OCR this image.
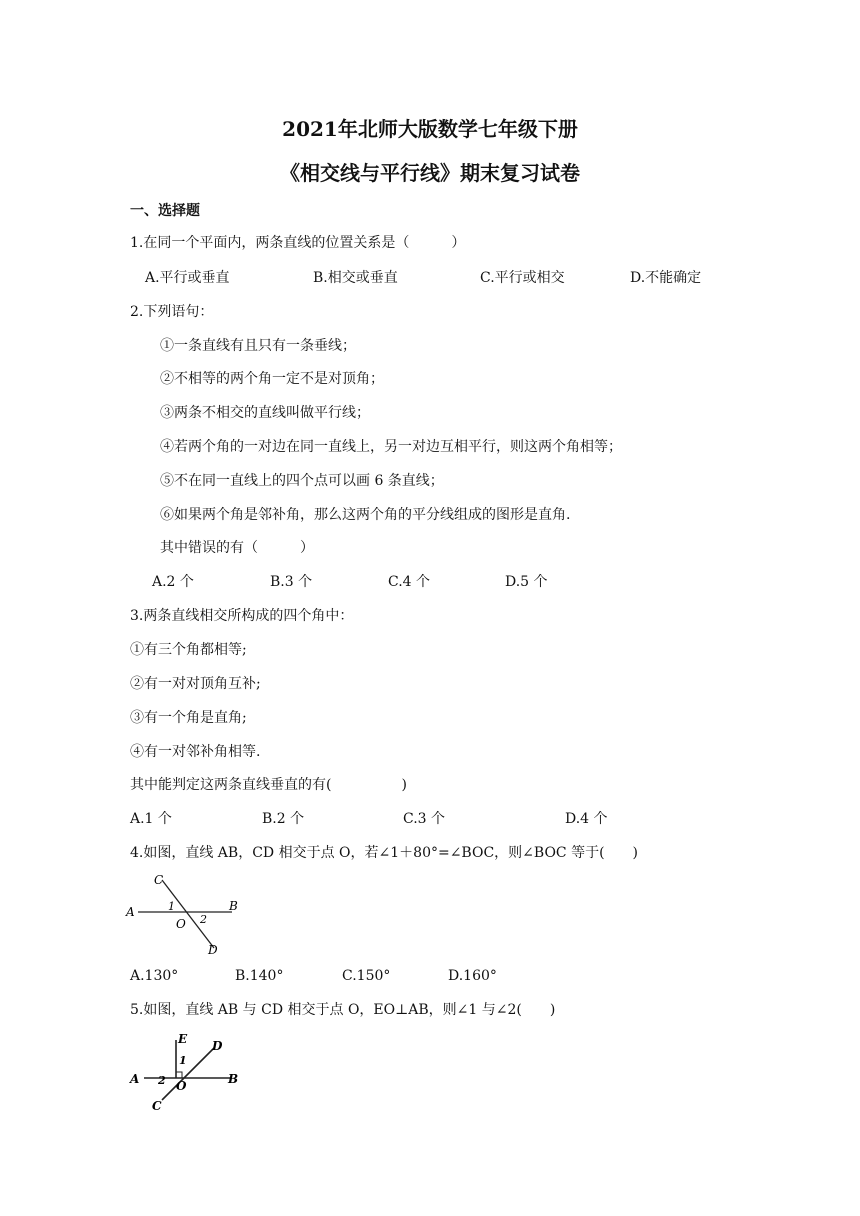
2021年北师大版数学七年级下册
《相交线与平行线》期末复习试卷
一、选择题
1.在同一个平面内，两条直线的位置关系是（　　　）
A.平行或垂直	B.相交或垂直	C.平行或相交	D.不能确定
2.下列语句：
①一条直线有且只有一条垂线；
②不相等的两个角一定不是对顶角；
③两条不相交的直线叫做平行线；
④若两个角的一对边在同一直线上，另一对边互相平行，则这两个角相等；
⑤不在同一直线上的四个点可以画 6 条直线；
⑥如果两个角是邻补角，那么这两个角的平分线组成的图形是直角.
其中错误的有（　　　）
A.2 个	B.3 个	C.4 个	D.5 个
3.两条直线相交所构成的四个角中：
①有三个角都相等;
②有一对对顶角互补;
③有一个角是直角;
④有一对邻补角相等.
其中能判定这两条直线垂直的有(　　　　　)
A.1 个	B.2 个	C.3 个	D.4 个
4.如图，直线 AB，CD 相交于点 O，若∠1＋80°=∠BOC，则∠BOC 等于(　　)
A	B
C
D
O
1
2
A.130°	B.140°	C.150°	D.160°
5.如图，直线 AB 与 CD 相交于点 O，EO⊥AB，则∠1 与∠2(　　)
A	B
C
D
E
O
1
2
